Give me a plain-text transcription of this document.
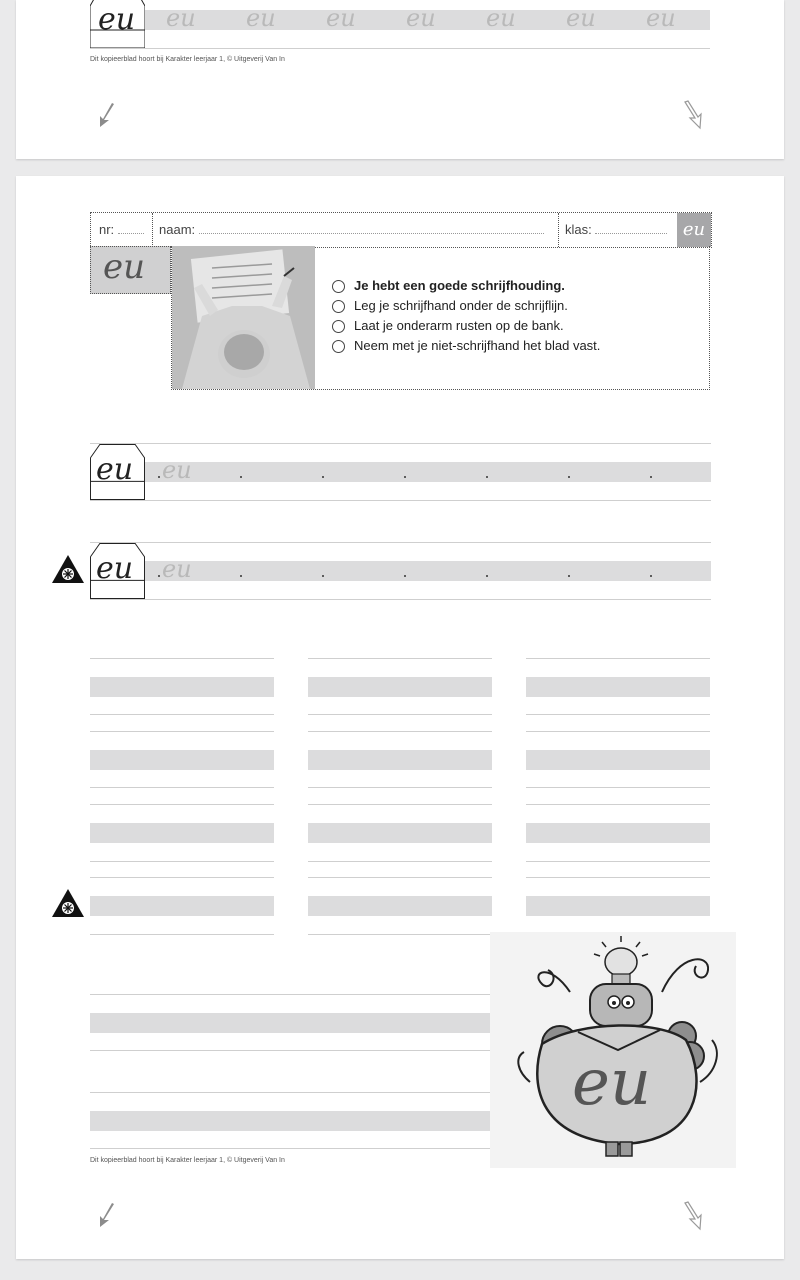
eu eu eu eu eu eu eu eu
Dit kopieerblad hoort bij Karakter leerjaar 1, © Uitgeverij Van In
nr:	naam:	klas:	eu
eu	Je hebt een goede schrijfhouding.
Leg je schrijfhand onder de schrijflijn.
Laat je onderarm rusten op de bank.
Neem met je niet-schrijfhand het blad vast.
eu eu
eu eu
eu
Dit kopieerblad hoort bij Karakter leerjaar 1, © Uitgeverij Van In
